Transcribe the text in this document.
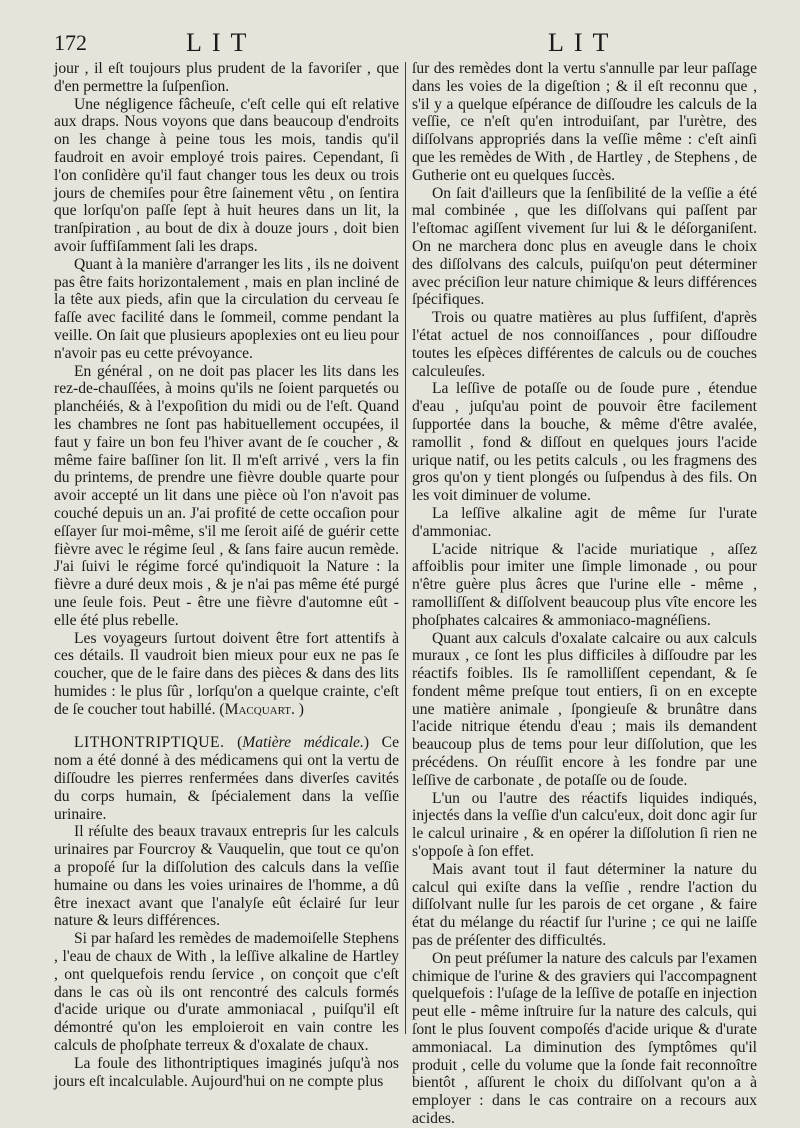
172	LIT	LIT

jour , il eſt toujours plus prudent de la favoriſer , que d'en permettre la ſuſpenſion.

Une négligence fâcheuſe, c'eſt celle qui eſt relative aux draps. Nous voyons que dans beaucoup d'endroits on les change à peine tous les mois, tandis qu'il faudroit en avoir employé trois paires. Cependant, ſi l'on conſidère qu'il faut changer tous les deux ou trois jours de chemiſes pour être ſainement vêtu , on ſentira que lorſqu'on paſſe ſept à huit heures dans un lit, la tranſpiration , au bout de dix à douze jours , doit bien avoir ſuffiſamment ſali les draps.

Quant à la manière d'arranger les lits , ils ne doivent pas être faits horizontalement , mais en plan incliné de la tête aux pieds, afin que la circulation du cerveau ſe faſſe avec facilité dans le ſommeil, comme pendant la veille. On ſait que plusieurs apoplexies ont eu lieu pour n'avoir pas eu cette prévoyance.

En général , on ne doit pas placer les lits dans les rez-de-chauſſées, à moins qu'ils ne ſoient parquetés ou planchéiés, & à l'expoſition du midi ou de l'eſt. Quand les chambres ne ſont pas habituellement occupées, il faut y faire un bon feu l'hiver avant de ſe coucher , & même faire baſſiner ſon lit. Il m'eſt arrivé , vers la fin du printems, de prendre une fièvre double quarte pour avoir accepté un lit dans une pièce où l'on n'avoit pas couché depuis un an. J'ai profité de cette occaſion pour eſſayer ſur moi-même, s'il me ſeroit aiſé de guérir cette fièvre avec le régime ſeul , & ſans faire aucun remède. J'ai ſuivi le régime forcé qu'indiquoit la Nature : la fièvre a duré deux mois , & je n'ai pas même été purgé une ſeule fois. Peut - être une fièvre d'automne eût - elle été plus rebelle.

Les voyageurs ſurtout doivent être fort attentifs à ces détails. Il vaudroit bien mieux pour eux ne pas ſe coucher, que de le faire dans des pièces & dans des lits humides : le plus ſûr , lorſqu'on a quelque crainte, c'eſt de ſe coucher tout habillé. (Macquart. )

LITHONTRIPTIQUE. (Matière médicale.) Ce nom a été donné à des médicamens qui ont la vertu de diſſoudre les pierres renfermées dans diverſes cavités du corps humain, & ſpécialement dans la veſſie urinaire.

Il réſulte des beaux travaux entrepris ſur les calculs urinaires par Fourcroy & Vauquelin, que tout ce qu'on a propoſé ſur la diſſolution des calculs dans la veſſie humaine ou dans les voies urinaires de l'homme, a dû être inexact avant que l'analyſe eût éclairé ſur leur nature & leurs différences.

Si par haſard les remèdes de mademoiſelle Stephens , l'eau de chaux de With , la leſſive alkaline de Hartley , ont quelquefois rendu ſervice , on conçoit que c'eſt dans le cas où ils ont rencontré des calculs formés d'acide urique ou d'urate ammoniacal , puiſqu'il eſt démontré qu'on les emploieroit en vain contre les calculs de phoſphate terreux & d'oxalate de chaux.

La foule des lithontriptiques imaginés juſqu'à nos jours eſt incalculable. Aujourd'hui on ne compte plus

ſur des remèdes dont la vertu s'annulle par leur paſſage dans les voies de la digeſtion ; & il eſt reconnu que , s'il y a quelque eſpérance de diſſoudre les calculs de la veſſie, ce n'eſt qu'en introduiſant, par l'urètre, des diſſolvans appropriés dans la veſſie même : c'eſt ainſi que les remèdes de With , de Hartley , de Stephens , de Gutherie ont eu quelques ſuccès.

On ſait d'ailleurs que la ſenſibilité de la veſſie a été mal combinée , que les diſſolvans qui paſſent par l'eſtomac agiſſent vivement ſur lui & le déſorganiſent. On ne marchera donc plus en aveugle dans le choix des diſſolvans des calculs, puiſqu'on peut déterminer avec préciſion leur nature chimique & leurs différences ſpécifiques.

Trois ou quatre matières au plus ſuffiſent, d'après l'état actuel de nos connoiſſances , pour diſſoudre toutes les eſpèces différentes de calculs ou de couches calculeuſes.

La leſſive de potaſſe ou de ſoude pure , étendue d'eau , juſqu'au point de pouvoir être facilement ſupportée dans la bouche, & même d'être avalée, ramollit , fond & diſſout en quelques jours l'acide urique natif, ou les petits calculs , ou les fragmens des gros qu'on y tient plongés ou ſuſpendus à des fils. On les voit diminuer de volume.

La leſſive alkaline agit de même ſur l'urate d'ammoniac.

L'acide nitrique & l'acide muriatique , aſſez affoiblis pour imiter une ſimple limonade , ou pour n'être guère plus âcres que l'urine elle - même , ramolliſſent & diſſolvent beaucoup plus vîte encore les phoſphates calcaires & ammoniaco-magnéſiens.

Quant aux calculs d'oxalate calcaire ou aux calculs muraux , ce ſont les plus difficiles à diſſoudre par les réactifs foibles. Ils ſe ramolliſſent cependant, & ſe fondent même preſque tout entiers, ſi on en excepte une matière animale , ſpongieuſe & brunâtre dans l'acide nitrique étendu d'eau ; mais ils demandent beaucoup plus de tems pour leur diſſolution, que les précédens. On réuſſit encore à les fondre par une leſſive de carbonate , de potaſſe ou de ſoude.

L'un ou l'autre des réactifs liquides indiqués, injectés dans la veſſie d'un calcu'eux, doit donc agir ſur le calcul urinaire , & en opérer la diſſolution ſi rien ne s'oppoſe à ſon effet.

Mais avant tout il faut déterminer la nature du calcul qui exiſte dans la veſſie , rendre l'action du diſſolvant nulle ſur les parois de cet organe , & faire état du mélange du réactif ſur l'urine ; ce qui ne laiſſe pas de préſenter des difficultés.

On peut préſumer la nature des calculs par l'examen chimique de l'urine & des graviers qui l'accompagnent quelquefois : l'uſage de la leſſive de potaſſe en injection peut elle - même inſtruire ſur la nature des calculs, qui ſont le plus ſouvent compoſés d'acide urique & d'urate ammoniacal. La diminution des ſymptômes qu'il produit , celle du volume que la ſonde fait reconnoître bientôt , aſſurent le choix du diſſolvant qu'on a à employer : dans le cas contraire on a recours aux acides.
